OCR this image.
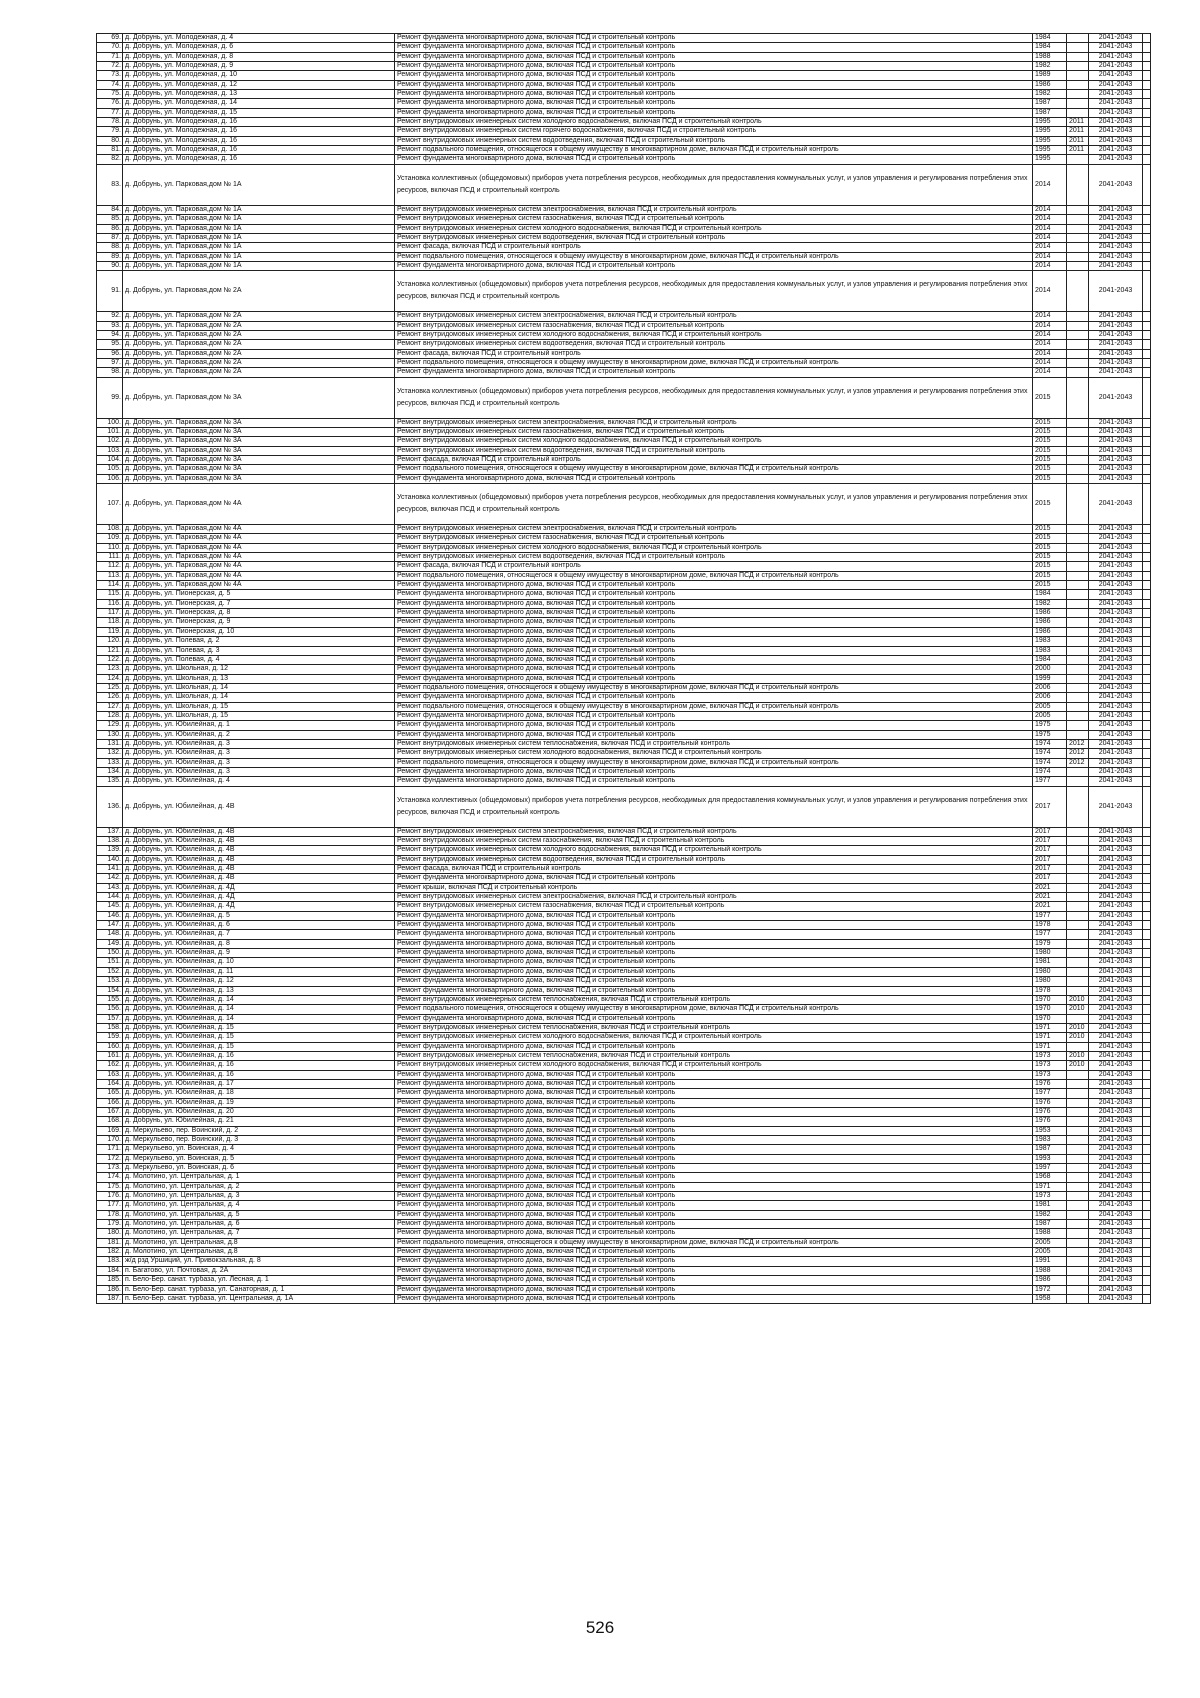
69.	д. Добрунь, ул. Молодежная, д. 4	Ремонт фундамента многоквартирного дома, включая ПСД и строительный контроль	1984		2041-2043	
70.	д. Добрунь, ул. Молодежная, д. 6	Ремонт фундамента многоквартирного дома, включая ПСД и строительный контроль	1984		2041-2043	
71.	д. Добрунь, ул. Молодежная, д. 8	Ремонт фундамента многоквартирного дома, включая ПСД и строительный контроль	1988		2041-2043	
72.	д. Добрунь, ул. Молодежная, д. 9	Ремонт фундамента многоквартирного дома, включая ПСД и строительный контроль	1982		2041-2043	
73.	д. Добрунь, ул. Молодежная, д. 10	Ремонт фундамента многоквартирного дома, включая ПСД и строительный контроль	1989		2041-2043	
74.	д. Добрунь, ул. Молодежная, д. 12	Ремонт фундамента многоквартирного дома, включая ПСД и строительный контроль	1986		2041-2043	
75.	д. Добрунь, ул. Молодежная, д. 13	Ремонт фундамента многоквартирного дома, включая ПСД и строительный контроль	1982		2041-2043	
76.	д. Добрунь, ул. Молодежная, д. 14	Ремонт фундамента многоквартирного дома, включая ПСД и строительный контроль	1987		2041-2043	
77.	д. Добрунь, ул. Молодежная, д. 15	Ремонт фундамента многоквартирного дома, включая ПСД и строительный контроль	1987		2041-2043	
78.	д. Добрунь, ул. Молодежная, д. 16	Ремонт внутридомовых инженерных систем холодного водоснабжения, включая ПСД и строительный контроль	1995	2011	2041-2043	
79.	д. Добрунь, ул. Молодежная, д. 16	Ремонт внутридомовых инженерных систем горячего водоснабжения, включая ПСД и строительный контроль	1995	2011	2041-2043	
80.	д. Добрунь, ул. Молодежная, д. 16	Ремонт внутридомовых инженерных систем водоотведения, включая ПСД и строительный контроль	1995	2011	2041-2043	
81.	д. Добрунь, ул. Молодежная, д. 16	Ремонт подвального помещения, относящегося к общему имуществу в многоквартирном доме, включая ПСД и строительный контроль	1995	2011	2041-2043	
82.	д. Добрунь, ул. Молодежная, д. 16	Ремонт фундамента многоквартирного дома, включая ПСД и строительный контроль	1995		2041-2043	
83.	д. Добрунь, ул. Парковая,дом № 1А	Установка коллективных (общедомовых) приборов учета потребления ресурсов, необходимых для предоставления коммунальных услуг, и узлов управления и регулирования потребления этих ресурсов, включая ПСД и строительный контроль	2014		2041-2043	
84.	д. Добрунь, ул. Парковая,дом № 1А	Ремонт внутридомовых инженерных систем электроснабжения, включая ПСД и строительный контроль	2014		2041-2043	
85.	д. Добрунь, ул. Парковая,дом № 1А	Ремонт внутридомовых инженерных систем газоснабжения, включая ПСД и строительный контроль	2014		2041-2043	
86.	д. Добрунь, ул. Парковая,дом № 1А	Ремонт внутридомовых инженерных систем холодного водоснабжения, включая ПСД и строительный контроль	2014		2041-2043	
87.	д. Добрунь, ул. Парковая,дом № 1А	Ремонт внутридомовых инженерных систем водоотведения, включая ПСД и строительный контроль	2014		2041-2043	
88.	д. Добрунь, ул. Парковая,дом № 1А	Ремонт фасада, включая ПСД и строительный контроль	2014		2041-2043	
89.	д. Добрунь, ул. Парковая,дом № 1А	Ремонт подвального помещения, относящегося к общему имуществу в многоквартирном доме, включая ПСД и строительный контроль	2014		2041-2043	
90.	д. Добрунь, ул. Парковая,дом № 1А	Ремонт фундамента многоквартирного дома, включая ПСД и строительный контроль	2014		2041-2043	
91.	д. Добрунь, ул. Парковая,дом № 2А	Установка коллективных (общедомовых) приборов учета потребления ресурсов, необходимых для предоставления коммунальных услуг, и узлов управления и регулирования потребления этих ресурсов, включая ПСД и строительный контроль	2014		2041-2043	
92.	д. Добрунь, ул. Парковая,дом № 2А	Ремонт внутридомовых инженерных систем электроснабжения, включая ПСД и строительный контроль	2014		2041-2043	
93.	д. Добрунь, ул. Парковая,дом № 2А	Ремонт внутридомовых инженерных систем газоснабжения, включая ПСД и строительный контроль	2014		2041-2043	
94.	д. Добрунь, ул. Парковая,дом № 2А	Ремонт внутридомовых инженерных систем холодного водоснабжения, включая ПСД и строительный контроль	2014		2041-2043	
95.	д. Добрунь, ул. Парковая,дом № 2А	Ремонт внутридомовых инженерных систем водоотведения, включая ПСД и строительный контроль	2014		2041-2043	
96.	д. Добрунь, ул. Парковая,дом № 2А	Ремонт фасада, включая ПСД и строительный контроль	2014		2041-2043	
97.	д. Добрунь, ул. Парковая,дом № 2А	Ремонт подвального помещения, относящегося к общему имуществу в многоквартирном доме, включая ПСД и строительный контроль	2014		2041-2043	
98.	д. Добрунь, ул. Парковая,дом № 2А	Ремонт фундамента многоквартирного дома, включая ПСД и строительный контроль	2014		2041-2043	
99.	д. Добрунь, ул. Парковая,дом № 3А	Установка коллективных (общедомовых) приборов учета потребления ресурсов, необходимых для предоставления коммунальных услуг, и узлов управления и регулирования потребления этих ресурсов, включая ПСД и строительный контроль	2015		2041-2043	
100.	д. Добрунь, ул. Парковая,дом № 3А	Ремонт внутридомовых инженерных систем электроснабжения, включая ПСД и строительный контроль	2015		2041-2043	
101.	д. Добрунь, ул. Парковая,дом № 3А	Ремонт внутридомовых инженерных систем газоснабжения, включая ПСД и строительный контроль	2015		2041-2043	
102.	д. Добрунь, ул. Парковая,дом № 3А	Ремонт внутридомовых инженерных систем холодного водоснабжения, включая ПСД и строительный контроль	2015		2041-2043	
103.	д. Добрунь, ул. Парковая,дом № 3А	Ремонт внутридомовых инженерных систем водоотведения, включая ПСД и строительный контроль	2015		2041-2043	
104.	д. Добрунь, ул. Парковая,дом № 3А	Ремонт фасада, включая ПСД и строительный контроль	2015		2041-2043	
105.	д. Добрунь, ул. Парковая,дом № 3А	Ремонт подвального помещения, относящегося к общему имуществу в многоквартирном доме, включая ПСД и строительный контроль	2015		2041-2043	
106.	д. Добрунь, ул. Парковая,дом № 3А	Ремонт фундамента многоквартирного дома, включая ПСД и строительный контроль	2015		2041-2043	
107.	д. Добрунь, ул. Парковая,дом № 4А	Установка коллективных (общедомовых) приборов учета потребления ресурсов, необходимых для предоставления коммунальных услуг, и узлов управления и регулирования потребления этих ресурсов, включая ПСД и строительный контроль	2015		2041-2043	
108.	д. Добрунь, ул. Парковая,дом № 4А	Ремонт внутридомовых инженерных систем электроснабжения, включая ПСД и строительный контроль	2015		2041-2043	
109.	д. Добрунь, ул. Парковая,дом № 4А	Ремонт внутридомовых инженерных систем газоснабжения, включая ПСД и строительный контроль	2015		2041-2043	
110.	д. Добрунь, ул. Парковая,дом № 4А	Ремонт внутридомовых инженерных систем холодного водоснабжения, включая ПСД и строительный контроль	2015		2041-2043	
111.	д. Добрунь, ул. Парковая,дом № 4А	Ремонт внутридомовых инженерных систем водоотведения, включая ПСД и строительный контроль	2015		2041-2043	
112.	д. Добрунь, ул. Парковая,дом № 4А	Ремонт фасада, включая ПСД и строительный контроль	2015		2041-2043	
113.	д. Добрунь, ул. Парковая,дом № 4А	Ремонт подвального помещения, относящегося к общему имуществу в многоквартирном доме, включая ПСД и строительный контроль	2015		2041-2043	
114.	д. Добрунь, ул. Парковая,дом № 4А	Ремонт фундамента многоквартирного дома, включая ПСД и строительный контроль	2015		2041-2043	
115.	д. Добрунь, ул. Пионерская, д. 5	Ремонт фундамента многоквартирного дома, включая ПСД и строительный контроль	1984		2041-2043	
116.	д. Добрунь, ул. Пионерская, д. 7	Ремонт фундамента многоквартирного дома, включая ПСД и строительный контроль	1982		2041-2043	
117.	д. Добрунь, ул. Пионерская, д. 8	Ремонт фундамента многоквартирного дома, включая ПСД и строительный контроль	1986		2041-2043	
118.	д. Добрунь, ул. Пионерская, д. 9	Ремонт фундамента многоквартирного дома, включая ПСД и строительный контроль	1986		2041-2043	
119.	д. Добрунь, ул. Пионерская, д. 10	Ремонт фундамента многоквартирного дома, включая ПСД и строительный контроль	1986		2041-2043	
120.	д. Добрунь, ул. Полевая, д. 2	Ремонт фундамента многоквартирного дома, включая ПСД и строительный контроль	1983		2041-2043	
121.	д. Добрунь, ул. Полевая, д. 3	Ремонт фундамента многоквартирного дома, включая ПСД и строительный контроль	1983		2041-2043	
122.	д. Добрунь, ул. Полевая, д. 4	Ремонт фундамента многоквартирного дома, включая ПСД и строительный контроль	1984		2041-2043	
123.	д. Добрунь, ул. Школьная, д. 12	Ремонт фундамента многоквартирного дома, включая ПСД и строительный контроль	2000		2041-2043	
124.	д. Добрунь, ул. Школьная, д. 13	Ремонт фундамента многоквартирного дома, включая ПСД и строительный контроль	1999		2041-2043	
125.	д. Добрунь, ул. Школьная, д. 14	Ремонт подвального помещения, относящегося к общему имуществу в многоквартирном доме, включая ПСД и строительный контроль	2006		2041-2043	
126.	д. Добрунь, ул. Школьная, д. 14	Ремонт фундамента многоквартирного дома, включая ПСД и строительный контроль	2006		2041-2043	
127.	д. Добрунь, ул. Школьная, д. 15	Ремонт подвального помещения, относящегося к общему имуществу в многоквартирном доме, включая ПСД и строительный контроль	2005		2041-2043	
128.	д. Добрунь, ул. Школьная, д. 15	Ремонт фундамента многоквартирного дома, включая ПСД и строительный контроль	2005		2041-2043	
129.	д. Добрунь, ул. Юбилейная, д. 1	Ремонт фундамента многоквартирного дома, включая ПСД и строительный контроль	1975		2041-2043	
130.	д. Добрунь, ул. Юбилейная, д. 2	Ремонт фундамента многоквартирного дома, включая ПСД и строительный контроль	1975		2041-2043	
131.	д. Добрунь, ул. Юбилейная, д. 3	Ремонт внутридомовых инженерных систем теплоснабжения, включая ПСД и строительный контроль	1974	2012	2041-2043	
132.	д. Добрунь, ул. Юбилейная, д. 3	Ремонт внутридомовых инженерных систем холодного водоснабжения, включая ПСД и строительный контроль	1974	2012	2041-2043	
133.	д. Добрунь, ул. Юбилейная, д. 3	Ремонт подвального помещения, относящегося к общему имуществу в многоквартирном доме, включая ПСД и строительный контроль	1974	2012	2041-2043	
134.	д. Добрунь, ул. Юбилейная, д. 3	Ремонт фундамента многоквартирного дома, включая ПСД и строительный контроль	1974		2041-2043	
135.	д. Добрунь, ул. Юбилейная, д. 4	Ремонт фундамента многоквартирного дома, включая ПСД и строительный контроль	1977		2041-2043	
136.	д. Добрунь, ул. Юбилейная, д. 4В	Установка коллективных (общедомовых) приборов учета потребления ресурсов, необходимых для предоставления коммунальных услуг, и узлов управления и регулирования потребления этих ресурсов, включая ПСД и строительный контроль	2017		2041-2043	
137.	д. Добрунь, ул. Юбилейная, д. 4В	Ремонт внутридомовых инженерных систем электроснабжения, включая ПСД и строительный контроль	2017		2041-2043	
138.	д. Добрунь, ул. Юбилейная, д. 4В	Ремонт внутридомовых инженерных систем газоснабжения, включая ПСД и строительный контроль	2017		2041-2043	
139.	д. Добрунь, ул. Юбилейная, д. 4В	Ремонт внутридомовых инженерных систем холодного водоснабжения, включая ПСД и строительный контроль	2017		2041-2043	
140.	д. Добрунь, ул. Юбилейная, д. 4В	Ремонт внутридомовых инженерных систем водоотведения, включая ПСД и строительный контроль	2017		2041-2043	
141.	д. Добрунь, ул. Юбилейная, д. 4В	Ремонт фасада, включая ПСД и строительный контроль	2017		2041-2043	
142.	д. Добрунь, ул. Юбилейная, д. 4В	Ремонт фундамента многоквартирного дома, включая ПСД и строительный контроль	2017		2041-2043	
143.	д. Добрунь, ул. Юбилейная, д. 4Д	Ремонт крыши, включая ПСД и строительный контроль	2021		2041-2043	
144.	д. Добрунь, ул. Юбилейная, д. 4Д	Ремонт внутридомовых инженерных систем электроснабжения, включая ПСД и строительный контроль	2021		2041-2043	
145.	д. Добрунь, ул. Юбилейная, д. 4Д	Ремонт внутридомовых инженерных систем газоснабжения, включая ПСД и строительный контроль	2021		2041-2043	
146.	д. Добрунь, ул. Юбилейная, д. 5	Ремонт фундамента многоквартирного дома, включая ПСД и строительный контроль	1977		2041-2043	
147.	д. Добрунь, ул. Юбилейная, д. 6	Ремонт фундамента многоквартирного дома, включая ПСД и строительный контроль	1978		2041-2043	
148.	д. Добрунь, ул. Юбилейная, д. 7	Ремонт фундамента многоквартирного дома, включая ПСД и строительный контроль	1977		2041-2043	
149.	д. Добрунь, ул. Юбилейная, д. 8	Ремонт фундамента многоквартирного дома, включая ПСД и строительный контроль	1979		2041-2043	
150.	д. Добрунь, ул. Юбилейная, д. 9	Ремонт фундамента многоквартирного дома, включая ПСД и строительный контроль	1980		2041-2043	
151.	д. Добрунь, ул. Юбилейная, д. 10	Ремонт фундамента многоквартирного дома, включая ПСД и строительный контроль	1981		2041-2043	
152.	д. Добрунь, ул. Юбилейная, д. 11	Ремонт фундамента многоквартирного дома, включая ПСД и строительный контроль	1980		2041-2043	
153.	д. Добрунь, ул. Юбилейная, д. 12	Ремонт фундамента многоквартирного дома, включая ПСД и строительный контроль	1980		2041-2043	
154.	д. Добрунь, ул. Юбилейная, д. 13	Ремонт фундамента многоквартирного дома, включая ПСД и строительный контроль	1978		2041-2043	
155.	д. Добрунь, ул. Юбилейная, д. 14	Ремонт внутридомовых инженерных систем теплоснабжения, включая ПСД и строительный контроль	1970	2010	2041-2043	
156.	д. Добрунь, ул. Юбилейная, д. 14	Ремонт подвального помещения, относящегося к общему имуществу в многоквартирном доме, включая ПСД и строительный контроль	1970	2010	2041-2043	
157.	д. Добрунь, ул. Юбилейная, д. 14	Ремонт фундамента многоквартирного дома, включая ПСД и строительный контроль	1970		2041-2043	
158.	д. Добрунь, ул. Юбилейная, д. 15	Ремонт внутридомовых инженерных систем теплоснабжения, включая ПСД и строительный контроль	1971	2010	2041-2043	
159.	д. Добрунь, ул. Юбилейная, д. 15	Ремонт внутридомовых инженерных систем холодного водоснабжения, включая ПСД и строительный контроль	1971	2010	2041-2043	
160.	д. Добрунь, ул. Юбилейная, д. 15	Ремонт фундамента многоквартирного дома, включая ПСД и строительный контроль	1971		2041-2043	
161.	д. Добрунь, ул. Юбилейная, д. 16	Ремонт внутридомовых инженерных систем теплоснабжения, включая ПСД и строительный контроль	1973	2010	2041-2043	
162.	д. Добрунь, ул. Юбилейная, д. 16	Ремонт внутридомовых инженерных систем холодного водоснабжения, включая ПСД и строительный контроль	1973	2010	2041-2043	
163.	д. Добрунь, ул. Юбилейная, д. 16	Ремонт фундамента многоквартирного дома, включая ПСД и строительный контроль	1973		2041-2043	
164.	д. Добрунь, ул. Юбилейная, д. 17	Ремонт фундамента многоквартирного дома, включая ПСД и строительный контроль	1976		2041-2043	
165.	д. Добрунь, ул. Юбилейная, д. 18	Ремонт фундамента многоквартирного дома, включая ПСД и строительный контроль	1977		2041-2043	
166.	д. Добрунь, ул. Юбилейная, д. 19	Ремонт фундамента многоквартирного дома, включая ПСД и строительный контроль	1976		2041-2043	
167.	д. Добрунь, ул. Юбилейная, д. 20	Ремонт фундамента многоквартирного дома, включая ПСД и строительный контроль	1976		2041-2043	
168.	д. Добрунь, ул. Юбилейная, д. 21	Ремонт фундамента многоквартирного дома, включая ПСД и строительный контроль	1976		2041-2043	
169.	д. Меркульево, пер. Воинский, д. 2	Ремонт фундамента многоквартирного дома, включая ПСД и строительный контроль	1953		2041-2043	
170.	д. Меркульево, пер. Воинский, д. 3	Ремонт фундамента многоквартирного дома, включая ПСД и строительный контроль	1983		2041-2043	
171.	д. Меркульево, ул. Воинская, д. 4	Ремонт фундамента многоквартирного дома, включая ПСД и строительный контроль	1987		2041-2043	
172.	д. Меркульево, ул. Воинская, д. 5	Ремонт фундамента многоквартирного дома, включая ПСД и строительный контроль	1993		2041-2043	
173.	д. Меркульево, ул. Воинская, д. 6	Ремонт фундамента многоквартирного дома, включая ПСД и строительный контроль	1997		2041-2043	
174.	д. Молотино, ул. Центральная, д. 1	Ремонт фундамента многоквартирного дома, включая ПСД и строительный контроль	1968		2041-2043	
175.	д. Молотино, ул. Центральная, д. 2	Ремонт фундамента многоквартирного дома, включая ПСД и строительный контроль	1971		2041-2043	
176.	д. Молотино, ул. Центральная, д. 3	Ремонт фундамента многоквартирного дома, включая ПСД и строительный контроль	1973		2041-2043	
177.	д. Молотино, ул. Центральная, д. 4	Ремонт фундамента многоквартирного дома, включая ПСД и строительный контроль	1981		2041-2043	
178.	д. Молотино, ул. Центральная, д. 5	Ремонт фундамента многоквартирного дома, включая ПСД и строительный контроль	1982		2041-2043	
179.	д. Молотино, ул. Центральная, д. 6	Ремонт фундамента многоквартирного дома, включая ПСД и строительный контроль	1987		2041-2043	
180.	д. Молотино, ул. Центральная, д. 7	Ремонт фундамента многоквартирного дома, включая ПСД и строительный контроль	1988		2041-2043	
181.	д. Молотино, ул. Центральная, д.8	Ремонт подвального помещения, относящегося к общему имуществу в многоквартирном доме, включая ПСД и строительный контроль	2005		2041-2043	
182.	д. Молотино, ул. Центральная, д.8	Ремонт фундамента многоквартирного дома, включая ПСД и строительный контроль	2005		2041-2043	
183.	ж/д рзд Уршиций, ул. Привокзальная, д. 8	Ремонт фундамента многоквартирного дома, включая ПСД и строительный контроль	1991		2041-2043	
184.	п. Багатово, ул. Почтовая, д. 2А	Ремонт фундамента многоквартирного дома, включая ПСД и строительный контроль	1988		2041-2043	
185.	п. Бело-Бер. санат. турбаза, ул. Лесная, д. 1	Ремонт фундамента многоквартирного дома, включая ПСД и строительный контроль	1986		2041-2043	
186.	п. Бело-Бер. санат. турбаза, ул. Санаторная, д. 1	Ремонт фундамента многоквартирного дома, включая ПСД и строительный контроль	1972		2041-2043	
187.	п. Бело-Бер. санат. турбаза, ул. Центральная, д. 1А	Ремонт фундамента многоквартирного дома, включая ПСД и строительный контроль	1958		2041-2043	
526
